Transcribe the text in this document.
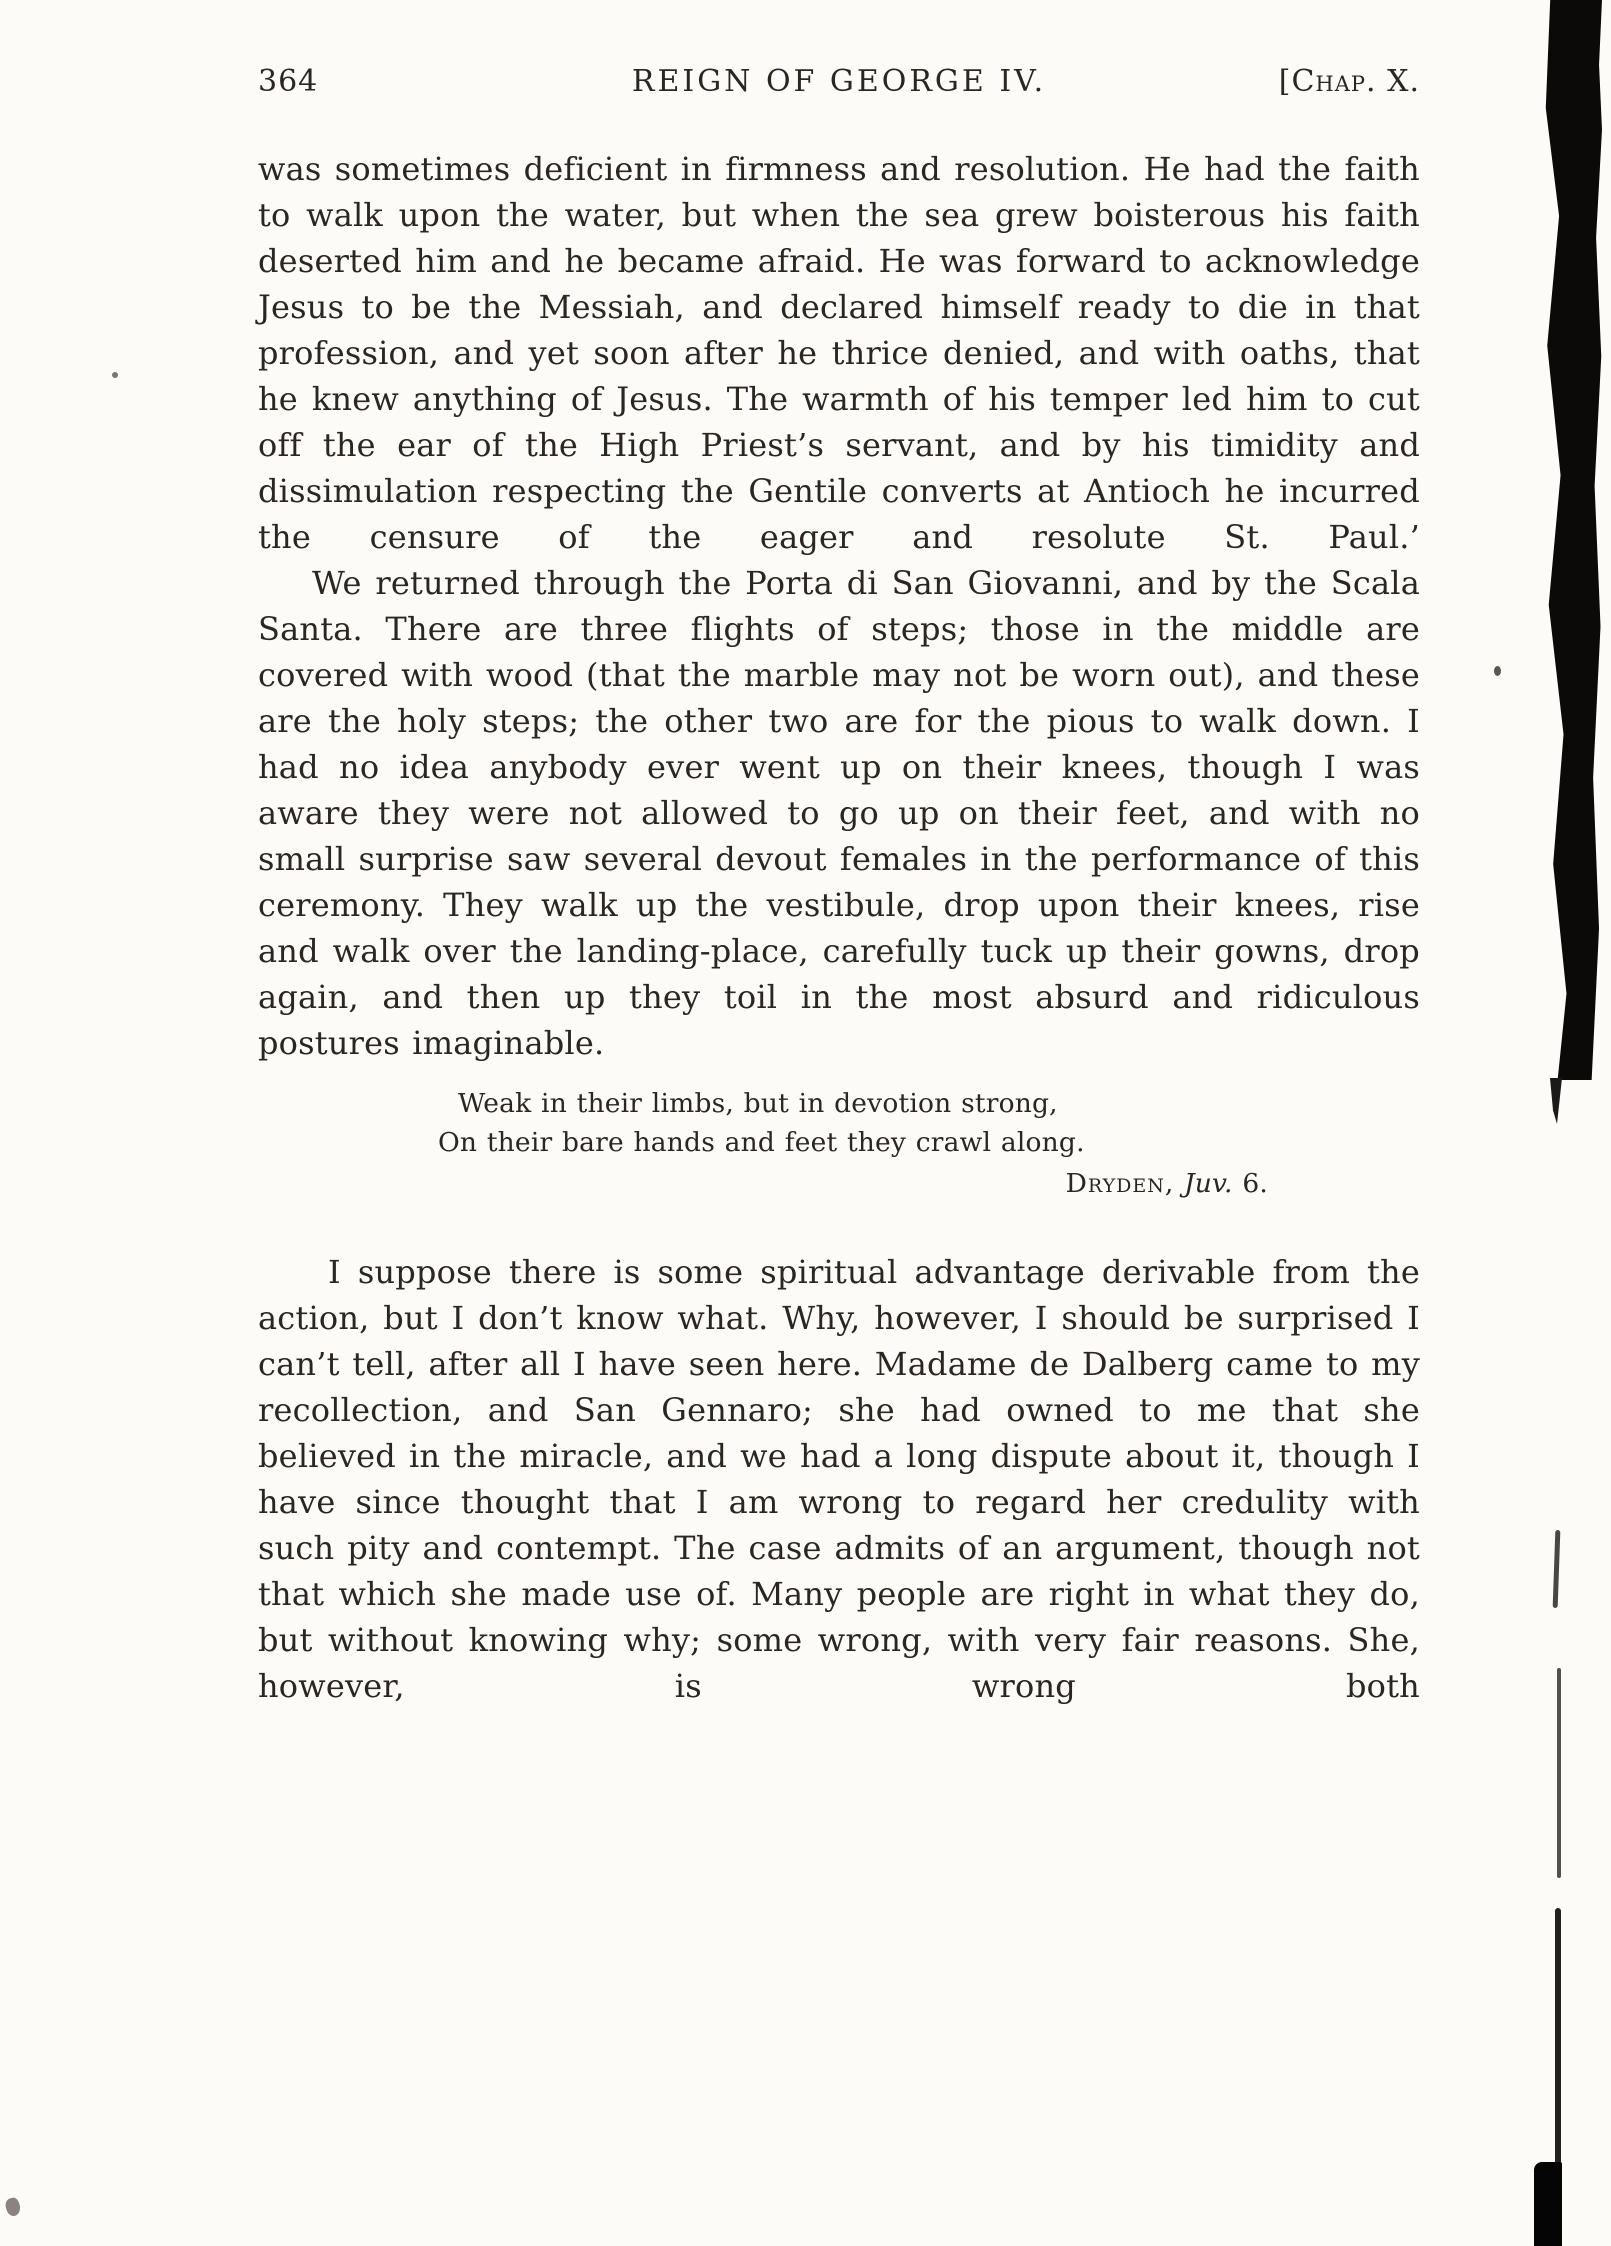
364	REIGN OF GEORGE IV.	[Chap. X.

was sometimes deficient in firmness and resolution. He had the faith to walk upon the water, but when the sea grew boisterous his faith deserted him and he became afraid. He was forward to acknowledge Jesus to be the Messiah, and declared himself ready to die in that profession, and yet soon after he thrice denied, and with oaths, that he knew anything of Jesus. The warmth of his temper led him to cut off the ear of the High Priest’s servant, and by his timidity and dissimulation respecting the Gentile converts at Antioch he incurred the censure of the eager and resolute St. Paul.’

We returned through the Porta di San Giovanni, and by the Scala Santa. There are three flights of steps; those in the middle are covered with wood (that the marble may not be worn out), and these are the holy steps; the other two are for the pious to walk down. I had no idea anybody ever went up on their knees, though I was aware they were not allowed to go up on their feet, and with no small surprise saw several devout females in the performance of this ceremony. They walk up the vestibule, drop upon their knees, rise and walk over the landing-place, carefully tuck up their gowns, drop again, and then up they toil in the most absurd and ridiculous postures imaginable.

Weak in their limbs, but in devotion strong,
On their bare hands and feet they crawl along.
Dryden, Juv. 6.

I suppose there is some spiritual advantage derivable from the action, but I don’t know what. Why, however, I should be surprised I can’t tell, after all I have seen here. Madame de Dalberg came to my recollection, and San Gennaro; she had owned to me that she believed in the miracle, and we had a long dispute about it, though I have since thought that I am wrong to regard her credulity with such pity and contempt. The case admits of an argument, though not that which she made use of. Many people are right in what they do, but without knowing why; some wrong, with very fair reasons. She, however, is wrong both
